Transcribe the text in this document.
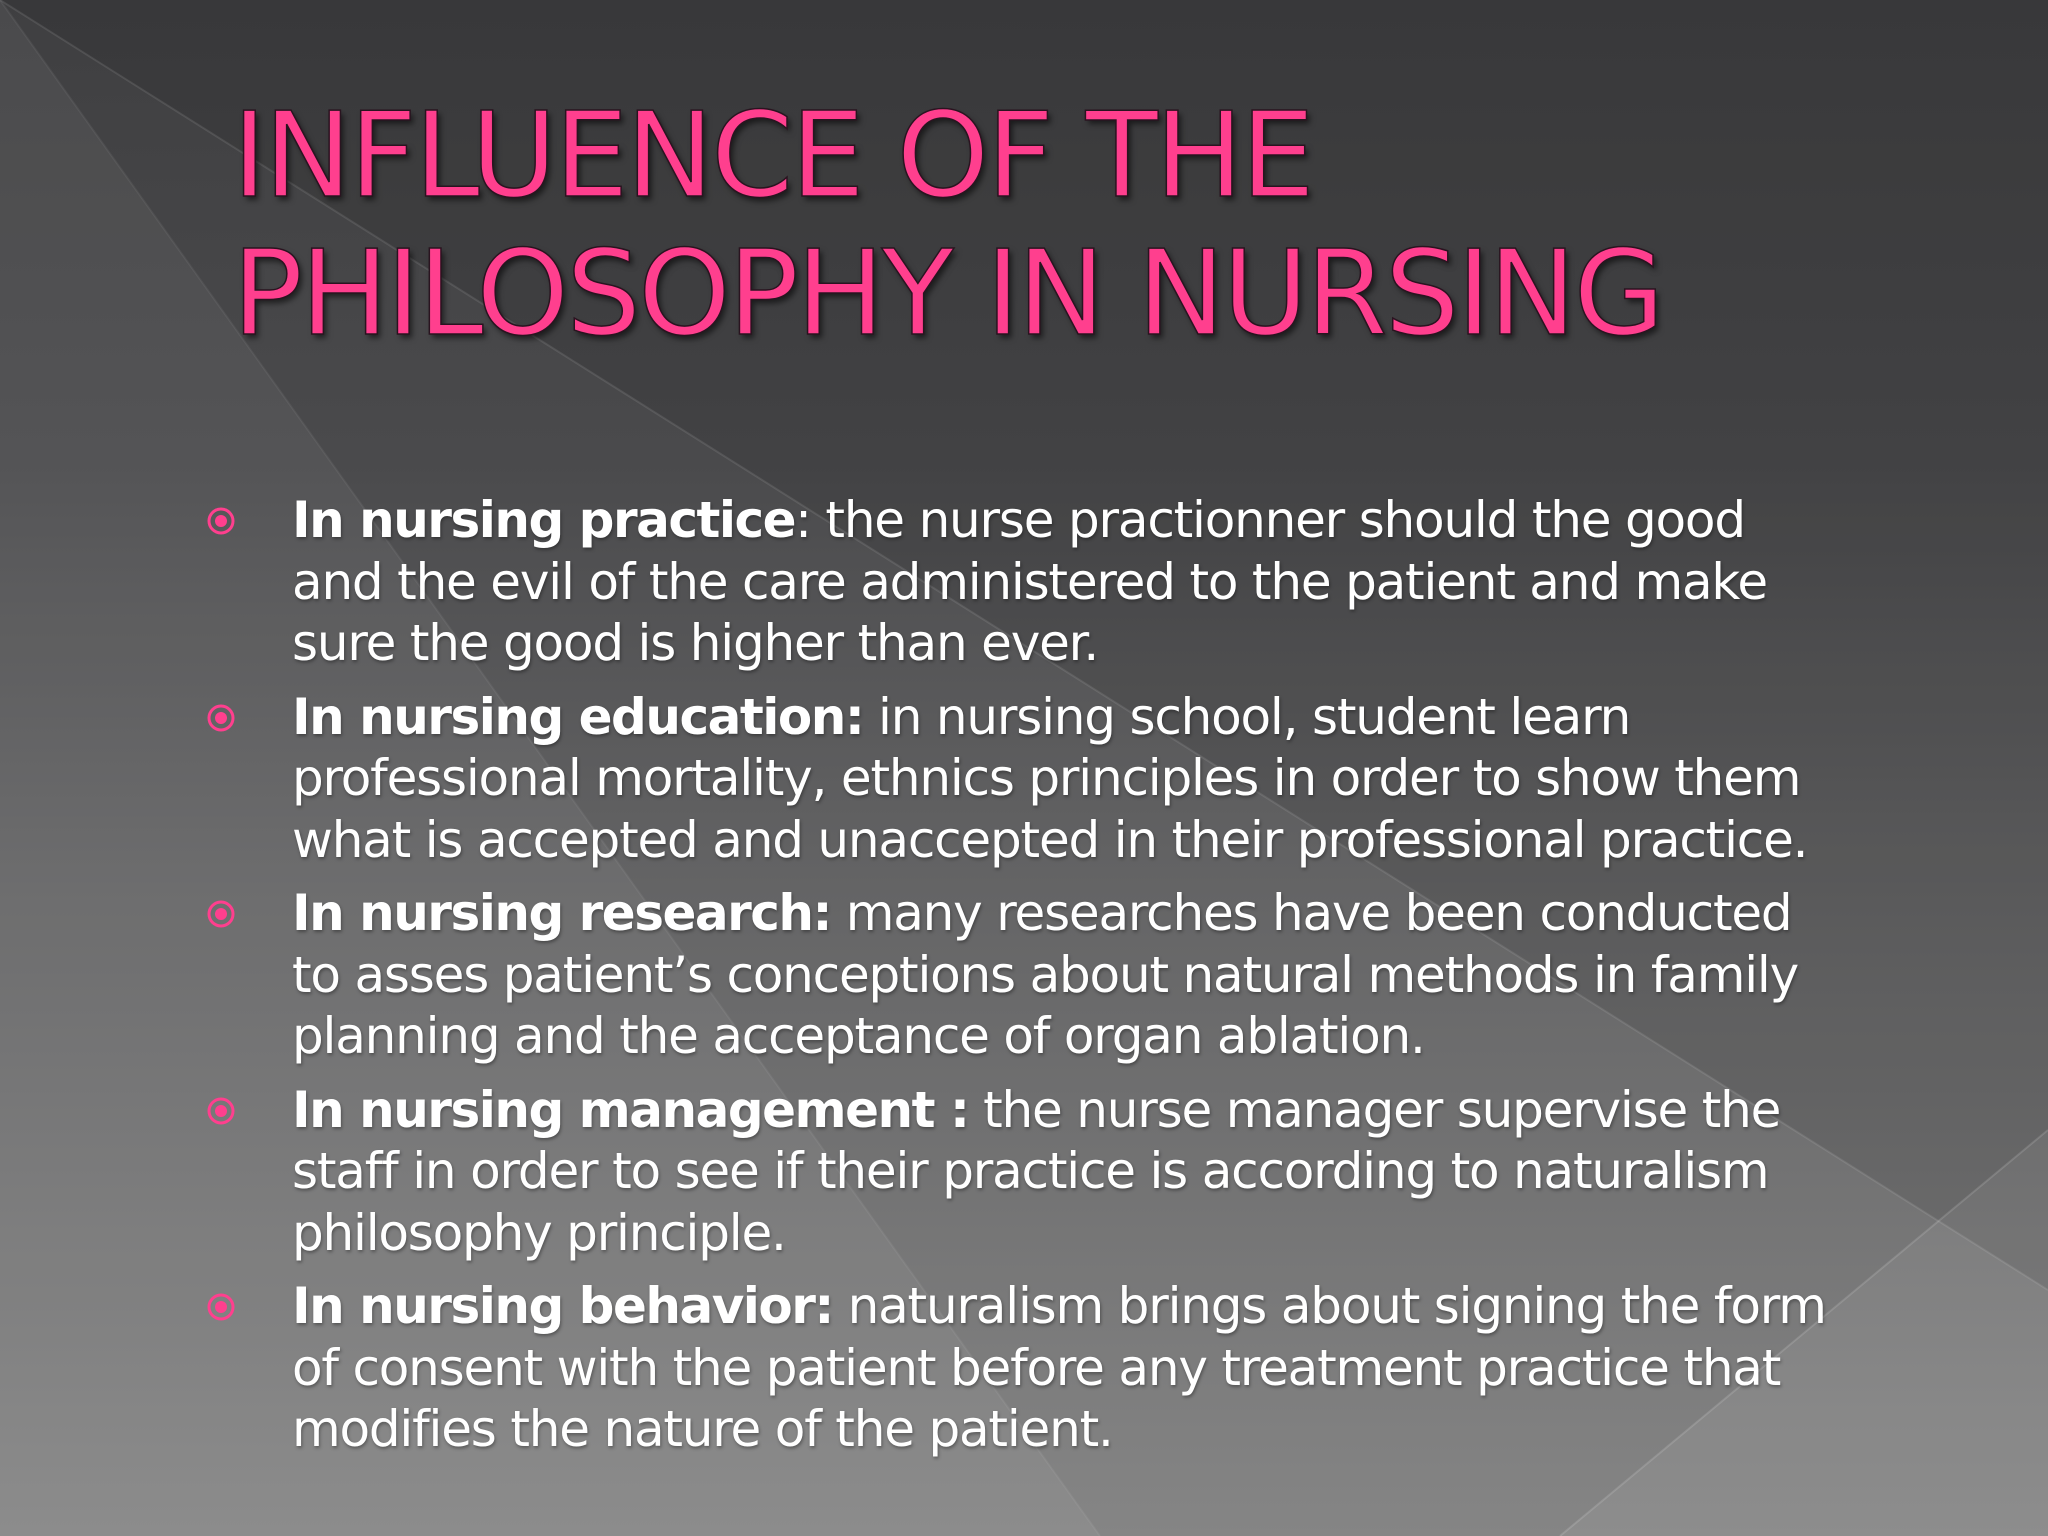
INFLUENCE OF THE
PHILOSOPHY IN NURSING
In nursing practice: the nurse practionner should the good and the evil of the care administered to the patient and make sure the good is higher than ever.
In nursing education: in nursing school, student learn professional mortality, ethnics principles in order to show them what is accepted and unaccepted in their professional practice.
In nursing research: many researches have been conducted to asses patient’s conceptions about natural methods in family planning and the acceptance of organ ablation.
In nursing management : the nurse manager supervise the staff in order to see if their practice is according to naturalism philosophy principle.
In nursing behavior: naturalism brings about signing the form of consent with the patient before any treatment practice that modifies the nature of the patient.
